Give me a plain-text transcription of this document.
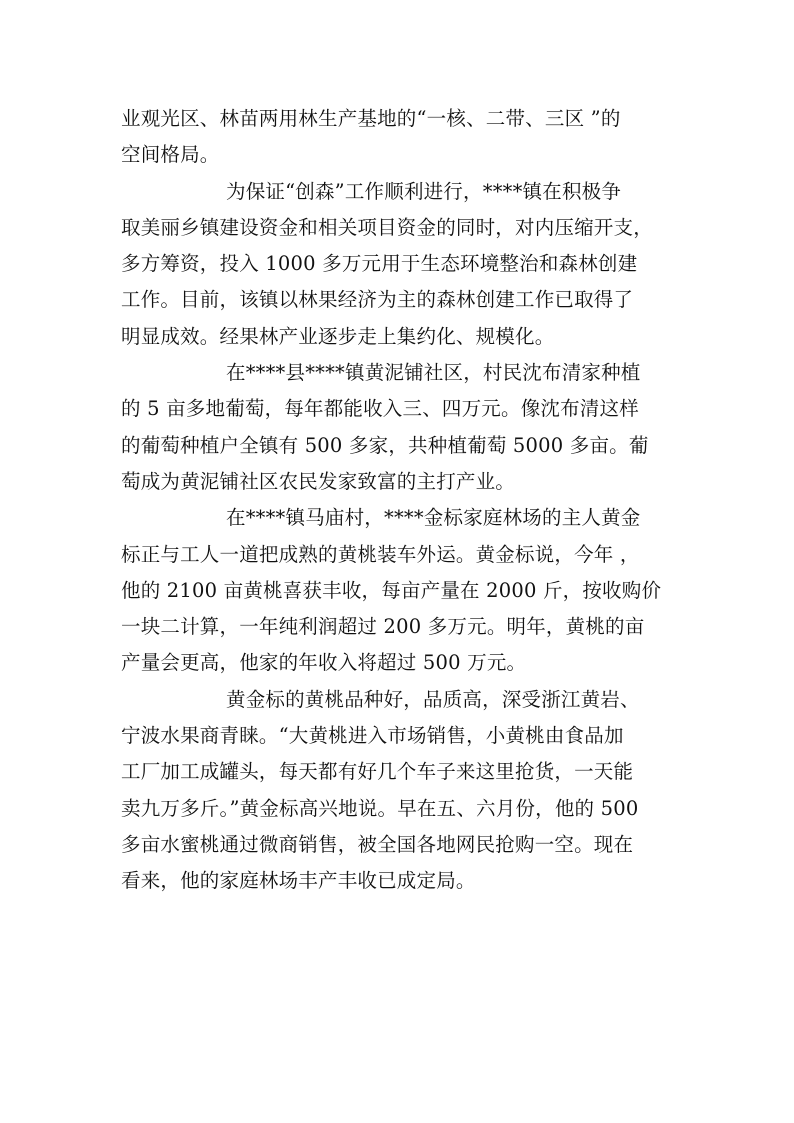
业观光区、林苗两用林生产基地的“一核、二带、三区 ”的
空间格局。
为保证“创森”工作顺利进行，****镇在积极争
取美丽乡镇建设资金和相关项目资金的同时，对内压缩开支，
多方筹资，投入 1000 多万元用于生态环境整治和森林创建
工作。目前，该镇以林果经济为主的森林创建工作已取得了
明显成效。经果林产业逐步走上集约化、规模化。
在****县****镇黄泥铺社区，村民沈布清家种植
的 5 亩多地葡萄，每年都能收入三、四万元。像沈布清这样
的葡萄种植户全镇有 500 多家，共种植葡萄 5000 多亩。葡
萄成为黄泥铺社区农民发家致富的主打产业。
在****镇马庙村，****金标家庭林场的主人黄金
标正与工人一道把成熟的黄桃装车外运。黄金标说，今年 ，
他的 2100 亩黄桃喜获丰收，每亩产量在 2000 斤，按收购价
一块二计算，一年纯利润超过 200 多万元。明年，黄桃的亩
产量会更高，他家的年收入将超过 500 万元。
黄金标的黄桃品种好，品质高，深受浙江黄岩、
宁波水果商青睐。“大黄桃进入市场销售，小黄桃由食品加
工厂加工成罐头，每天都有好几个车子来这里抢货，一天能
卖九万多斤。”黄金标高兴地说。早在五、六月份，他的 500
多亩水蜜桃通过微商销售，被全国各地网民抢购一空。现在
看来，他的家庭林场丰产丰收已成定局。
